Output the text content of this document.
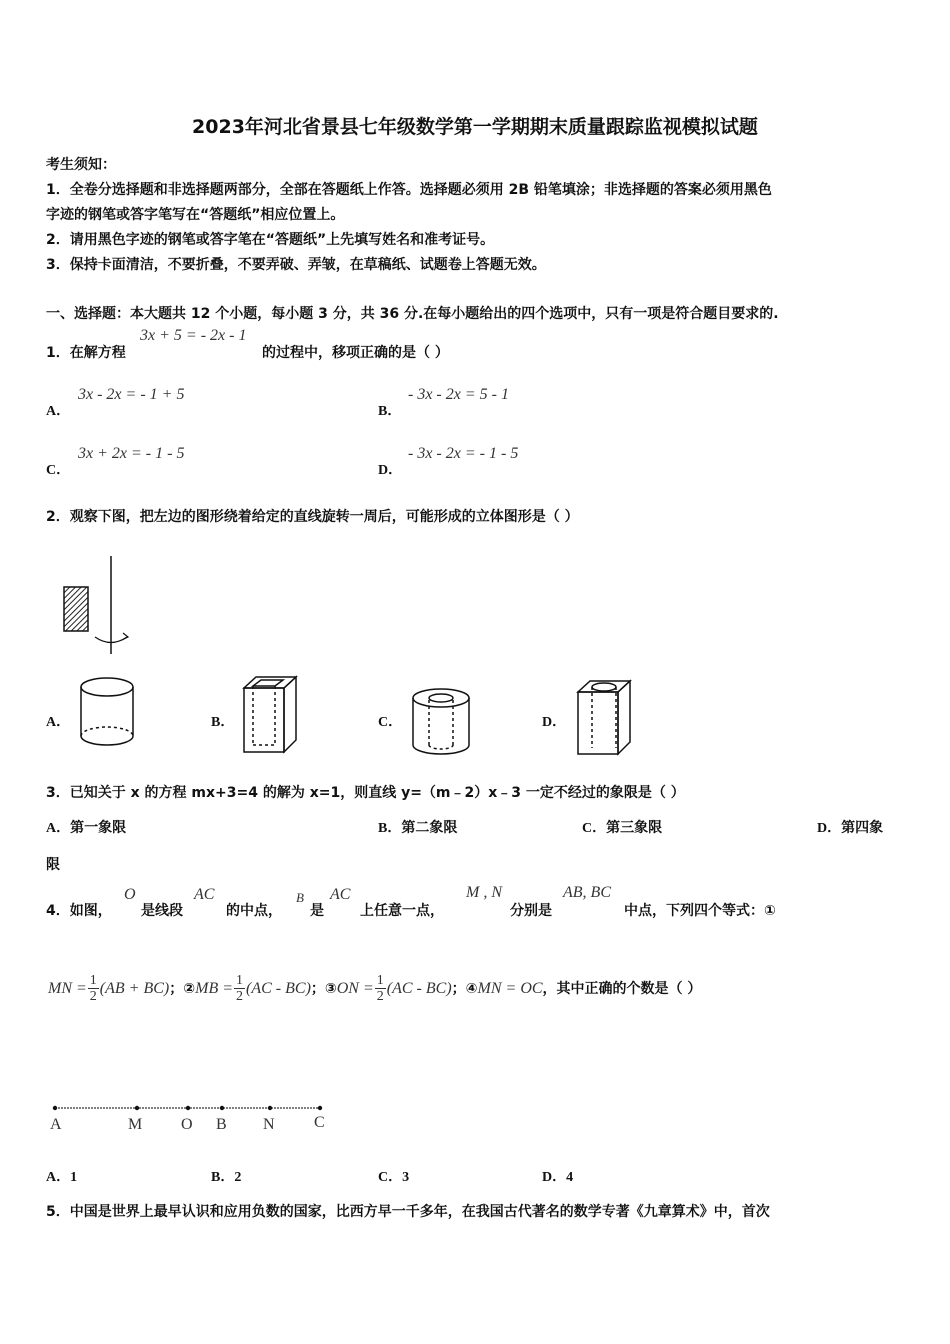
2023年河北省景县七年级数学第一学期期末质量跟踪监视模拟试题
考生须知：
1．全卷分选择题和非选择题两部分，全部在答题纸上作答。选择题必须用 2B 铅笔填涂；非选择题的答案必须用黑色
字迹的钢笔或答字笔写在“答题纸”相应位置上。
2．请用黑色字迹的钢笔或答字笔在“答题纸”上先填写姓名和准考证号。
3．保持卡面清洁，不要折叠，不要弄破、弄皱，在草稿纸、试题卷上答题无效。
一、选择题：本大题共 12 个小题，每小题 3 分，共 36 分.在每小题给出的四个选项中，只有一项是符合题目要求的.
1．在解方程
3x + 5 = - 2x - 1
的过程中，移项正确的是（ ）
A．
3x - 2x = - 1 + 5
B．
- 3x - 2x = 5 - 1
C．
3x + 2x = - 1 - 5
D．
- 3x - 2x = - 1 - 5
2．观察下图，把左边的图形绕着给定的直线旋转一周后，可能形成的立体图形是（ ）
A．	B．	C．	D．
3．已知关于 x 的方程 mx+3=4 的解为 x=1，则直线 y=（m﹣2）x﹣3 一定不经过的象限是（ ）
A．第一象限	B．第二象限	C．第三象限	D．第四象
限
4．如图，
O
是线段
AC
的中点，
B
是
AC
上任意一点，
M , N
分别是
AB, BC
中点，下列四个等式：①
MN = $\frac{1}{2} (AB + BC)$；②MB = $\frac{1}{2} (AC - BC)$；③ON = $\frac{1}{2} (AC - BC)$；④MN = OC，其中正确的个数是（ ）
A	M O B N C
A．1	B．2	C．3	D．4
5．中国是世界上最早认识和应用负数的国家，比西方早一千多年，在我国古代著名的数学专著《九章算术》中，首次
